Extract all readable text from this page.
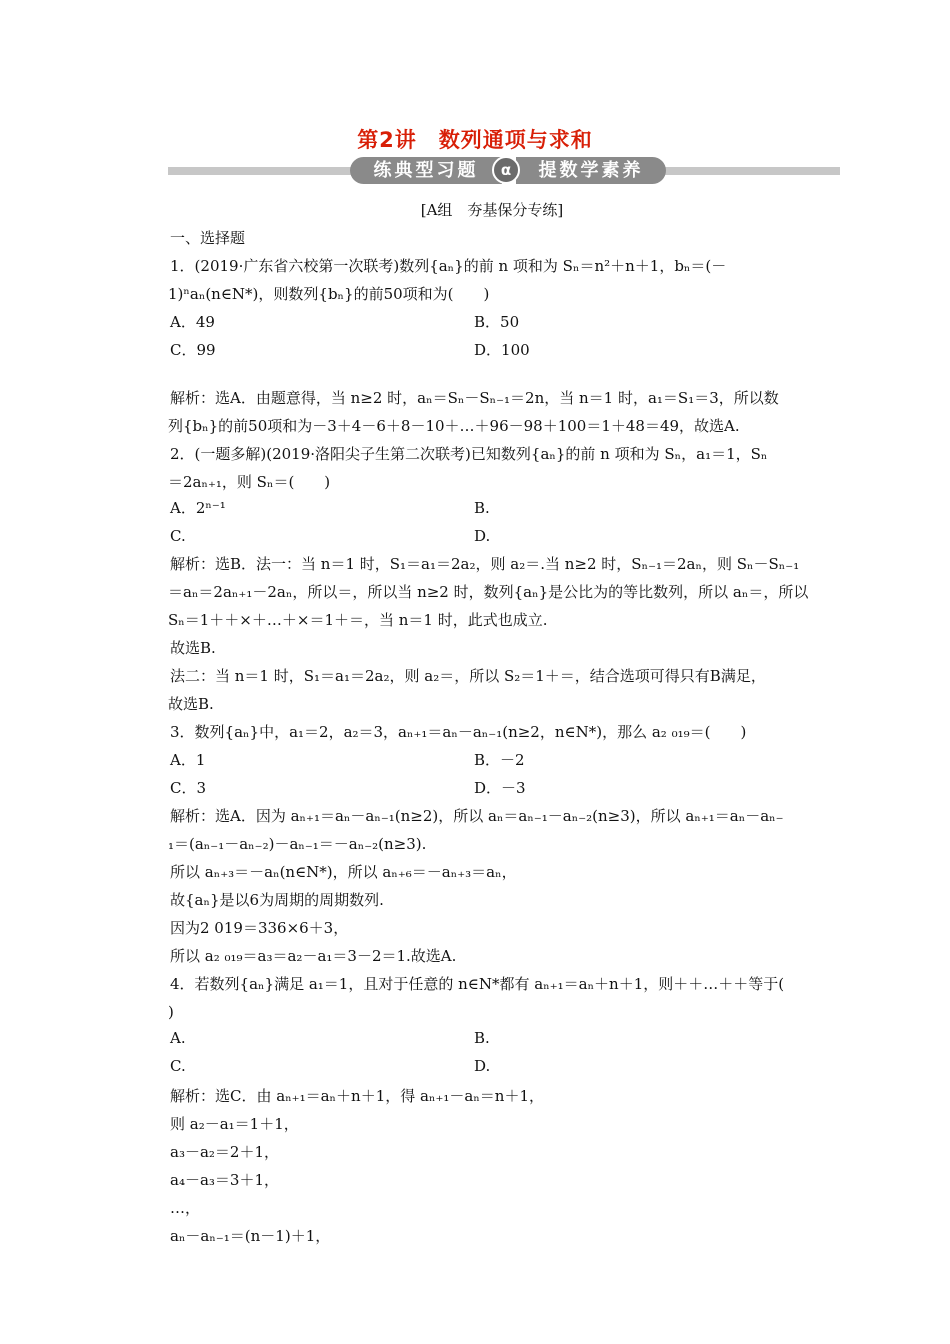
第2讲　数列通项与求和
练典型习题	提数学素养
α
[A组　夯基保分专练]
一、选择题
1．(2019·广东省六校第一次联考)数列{aₙ}的前 n 项和为 Sₙ＝n²＋n＋1，bₙ＝(－
1)ⁿaₙ(n∈N*)，则数列{bₙ}的前50项和为(　　)
解析：选A．由题意得，当 n≥2 时，aₙ＝Sₙ－Sₙ₋₁＝2n，当 n＝1 时，a₁＝S₁＝3，所以数
列{bₙ}的前50项和为－3＋4－6＋8－10＋…＋96－98＋100＝1＋48＝49，故选A.
2．(一题多解)(2019·洛阳尖子生第二次联考)已知数列{aₙ}的前 n 项和为 Sₙ，a₁＝1，Sₙ
＝2aₙ₊₁，则 Sₙ＝(　　)
解析：选B．法一：当 n＝1 时，S₁＝a₁＝2a₂，则 a₂＝.当 n≥2 时，Sₙ₋₁＝2aₙ，则 Sₙ－Sₙ₋₁
＝aₙ＝2aₙ₊₁－2aₙ，所以＝，所以当 n≥2 时，数列{aₙ}是公比为的等比数列，所以 aₙ＝，所以
Sₙ＝1＋＋×＋…＋×＝1＋＝，当 n＝1 时，此式也成立.
故选B.
法二：当 n＝1 时，S₁＝a₁＝2a₂，则 a₂＝，所以 S₂＝1＋＝，结合选项可得只有B满足，
故选B.
3．数列{aₙ}中，a₁＝2，a₂＝3，aₙ₊₁＝aₙ－aₙ₋₁(n≥2，n∈N*)，那么 a₂ ₀₁₉＝(　　)
解析：选A．因为 aₙ₊₁＝aₙ－aₙ₋₁(n≥2)，所以 aₙ＝aₙ₋₁－aₙ₋₂(n≥3)，所以 aₙ₊₁＝aₙ－aₙ₋
₁＝(aₙ₋₁－aₙ₋₂)－aₙ₋₁＝－aₙ₋₂(n≥3).
所以 aₙ₊₃＝－aₙ(n∈N*)，所以 aₙ₊₆＝－aₙ₊₃＝aₙ，
故{aₙ}是以6为周期的周期数列.
因为2 019＝336×6＋3，
所以 a₂ ₀₁₉＝a₃＝a₂－a₁＝3－2＝1.故选A.
4．若数列{aₙ}满足 a₁＝1，且对于任意的 n∈N*都有 aₙ₊₁＝aₙ＋n＋1，则＋＋…＋＋等于(
)
解析：选C．由 aₙ₊₁＝aₙ＋n＋1，得 aₙ₊₁－aₙ＝n＋1，
则 a₂－a₁＝1＋1，
a₃－a₂＝2＋1，
a₄－a₃＝3＋1，
…，
aₙ－aₙ₋₁＝(n－1)＋1，
A．49	B．50
C．99	D．100
A．2ⁿ⁻¹	B.
C.	D.
A．1	B．－2
C．3	D．－3
A.	B.
C.	D.
